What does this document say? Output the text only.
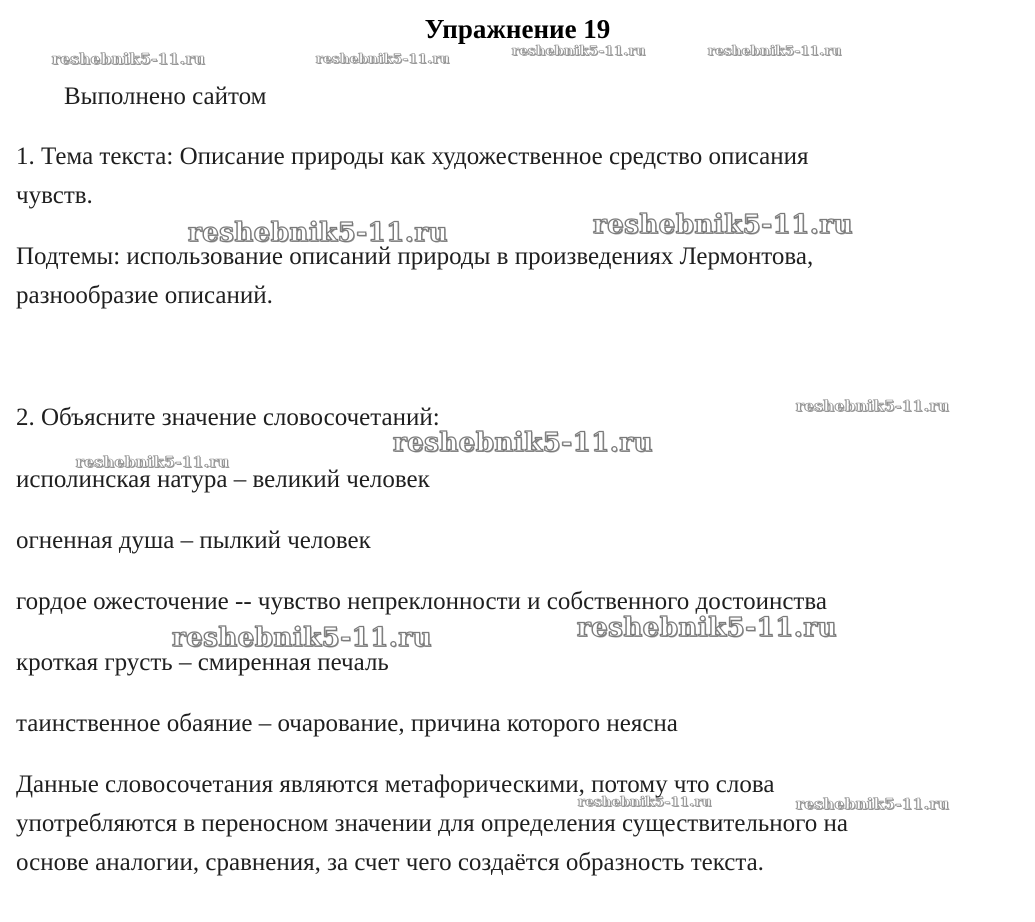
Упражнение 19
reshebnik5-11.ru	reshebnik5-11.ru
reshebnik5-11.ru	reshebnik5-11.ru
reshebnik5-11.ru	reshebnik5-11.ru
reshebnik5-11.ru
reshebnik5-11.ru
reshebnik5-11.ru
reshebnik5-11.ru	reshebnik5-11.ru
reshebnik5-11.ru	reshebnik5-11.ru
Выполнено сайтом
1. Тема текста: Описание природы как художественное средство описания
чувств.
Подтемы: использование описаний природы в произведениях Лермонтова,
разнообразие описаний.
2. Объясните значение словосочетаний:
исполинская натура – великий человек
огненная душа – пылкий человек
гордое ожесточение -- чувство непреклонности и собственного достоинства
кроткая грусть – смиренная печаль
таинственное обаяние – очарование, причина которого неясна
Данные словосочетания являются метафорическими, потому что слова
употребляются в переносном значении для определения существительного на
основе аналогии, сравнения, за счет чего создаётся образность текста.
